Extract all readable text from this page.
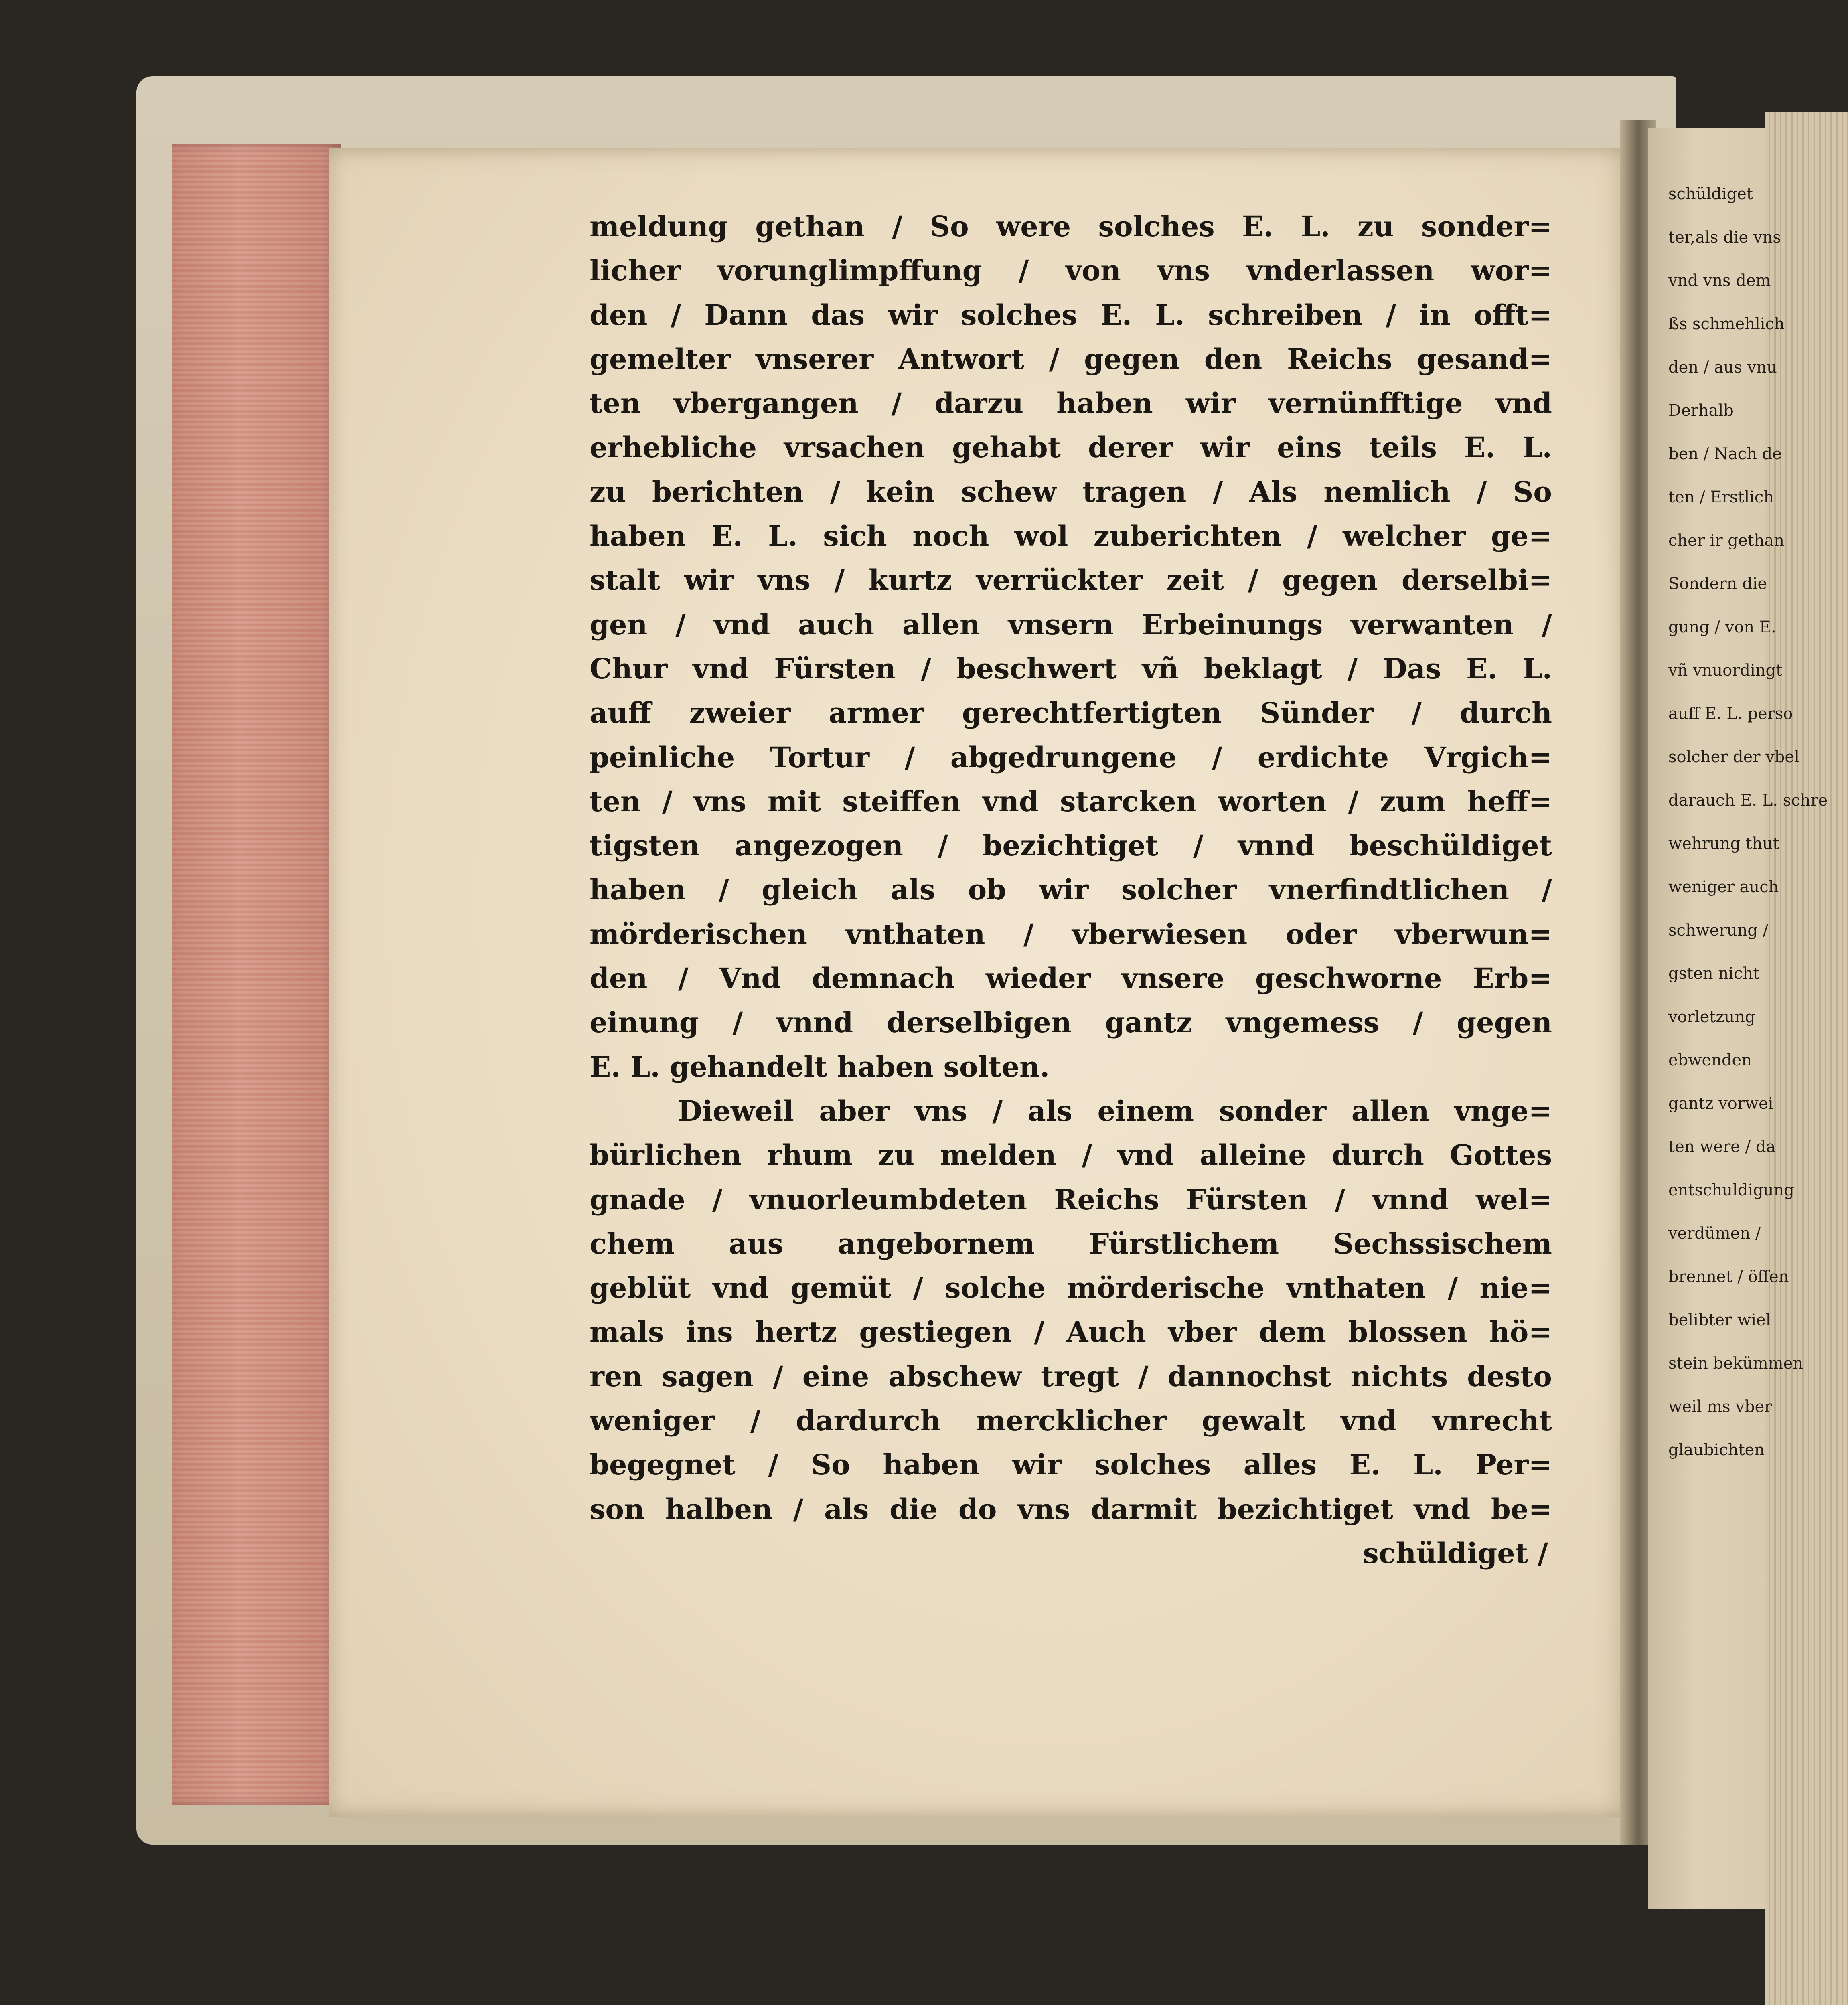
meldung gethan / So were solches E. L. zu sonder=
licher vorunglimpffung / von vns vnderlassen wor=
den / Dann das wir solches E. L. schreiben / in offt=
gemelter vnserer Antwort / gegen den Reichs gesand=
ten vbergangen / darzu haben wir vernünfftige vnd
erhebliche vrsachen gehabt derer wir eins teils E. L.
zu berichten / kein schew tragen / Als nemlich / So
haben E. L. sich noch wol zuberichten / welcher ge=
stalt wir vns / kurtz verrückter zeit / gegen derselbi=
gen / vnd auch allen vnsern Erbeinungs verwanten /
Chur vnd Fürsten / beschwert vñ beklagt / Das E. L.
auff zweier armer gerechtfertigten Sünder / durch
peinliche Tortur / abgedrungene / erdichte Vrgich=
ten / vns mit steiffen vnd starcken worten / zum heff=
tigsten angezogen / bezichtiget / vnnd beschüldiget
haben / gleich als ob wir solcher vnerfindtlichen /
mörderischen vnthaten / vberwiesen oder vberwun=
den / Vnd demnach wieder vnsere geschworne Erb=
einung / vnnd derselbigen gantz vngemess / gegen
E. L. gehandelt haben solten.
Dieweil aber vns / als einem sonder allen vnge=
bürlichen rhum zu melden / vnd alleine durch Gottes
gnade / vnuorleumbdeten Reichs Fürsten / vnnd wel=
chem aus angebornem Fürstlichem Sechssischem
geblüt vnd gemüt / solche mörderische vnthaten / nie=
mals ins hertz gestiegen / Auch vber dem blossen hö=
ren sagen / eine abschew tregt / dannochst nichts desto
weniger / dardurch mercklicher gewalt vnd vnrecht
begegnet / So haben wir solches alles E. L. Per=
son halben / als die do vns darmit bezichtiget vnd be=
schüldiget /
schüldiget
ter,als die vns
vnd vns dem
ßs schmehlich
den / aus vnu
Derhalb
ben / Nach de
ten / Erstlich
cher ir gethan
Sondern die
gung / von E.
vñ vnuordingt
auff E. L. perso
solcher der vbel
darauch E. L. schre
wehrung thut
weniger auch
schwerung /
gsten nicht
vorletzung
ebwenden
gantz vorwei
ten were / da
entschuldigung
verdümen /
brennet / öffen
belibter wiel
stein bekümmen
weil ms vber
glaubichten
